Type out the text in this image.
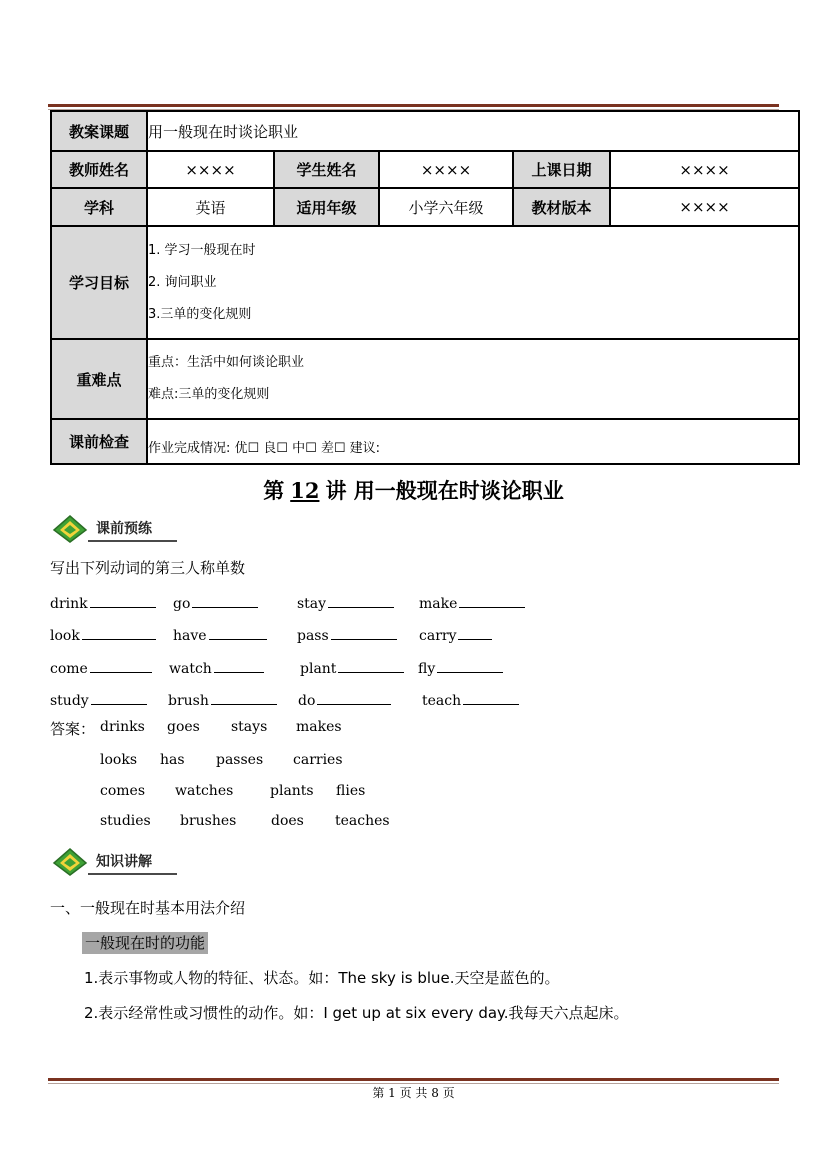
教案课题	用一般现在时谈论职业				
教师姓名	××××	学生姓名	××××	上课日期	××××
学科	英语	适用年级	小学六年级	教材版本	××××
学习目标	1. 学习一般现在时
2. 询问职业
3.三单的变化规则				

重难点	重点：生活中如何谈论职业
难点:三单的变化规则				

课前检查	作业完成情况: 优☐ 良☐ 中☐ 差☐ 建议:				
第 12 讲 用一般现在时谈论职业
课前预练
写出下列动词的第三人称单数
drink	go	stay	make
look	have	pass	carry
come	watch	plant	fly
study	brush	do	teach
答案： drinks goes stays makes
looks has passes carries
comes watches	plants flies
studies brushes does teaches
知识讲解
一、一般现在时基本用法介绍
一般现在时的功能
1.表示事物或人物的特征、状态。如：The sky is blue.天空是蓝色的。
2.表示经常性或习惯性的动作。如：I get up at six every day.我每天六点起床。
第 1 页 共 8 页
